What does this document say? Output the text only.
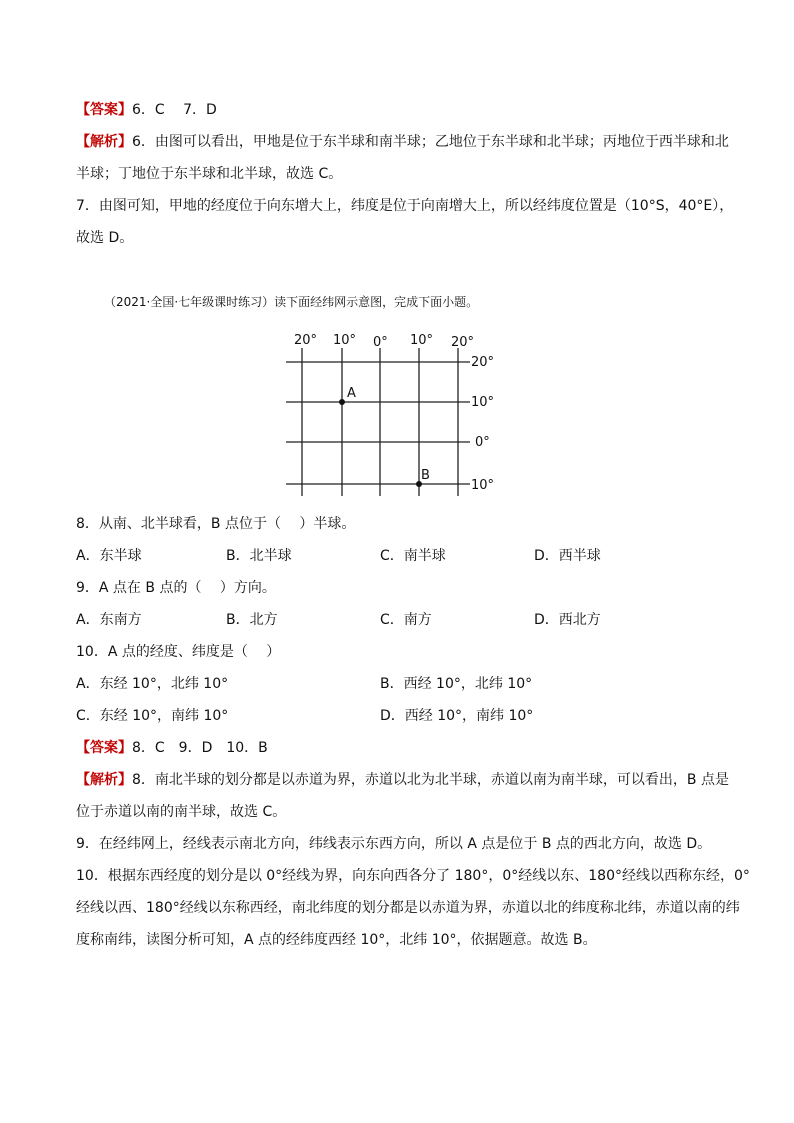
【答案】6．C　 7．D
【解析】6．由图可以看出，甲地是位于东半球和南半球；乙地位于东半球和北半球；丙地位于西半球和北
半球；丁地位于东半球和北半球，故选 C。
7．由图可知，甲地的经度位于向东增大上，纬度是位于向南增大上，所以经纬度位置是（10°S，40°E），
故选 D。
（2021·全国·七年级课时练习）读下面经纬网示意图，完成下面小题。
20° 10° 0° 10° 20°
20°
10°
0°
10°
A
B
8．从南、北半球看，B 点位于（　 ）半球。
A．东半球	B．北半球	C．南半球	D．西半球
9．A 点在 B 点的（　 ）方向。
A．东南方	B．北方	C．南方	D．西北方
10．A 点的经度、纬度是（　 ）
A．东经 10°，北纬 10°	B．西经 10°，北纬 10°
C．东经 10°，南纬 10°	D．西经 10°，南纬 10°
【答案】8．C　9．D　10．B
【解析】8．南北半球的划分都是以赤道为界，赤道以北为北半球，赤道以南为南半球，可以看出，B 点是
位于赤道以南的南半球，故选 C。
9．在经纬网上，经线表示南北方向，纬线表示东西方向，所以 A 点是位于 B 点的西北方向，故选 D。
10．根据东西经度的划分是以 0°经线为界，向东向西各分了 180°，0°经线以东、180°经线以西称东经，0°
经线以西、180°经线以东称西经，南北纬度的划分都是以赤道为界，赤道以北的纬度称北纬，赤道以南的纬
度称南纬，读图分析可知，A 点的经纬度西经 10°，北纬 10°，依据题意。故选 B。
